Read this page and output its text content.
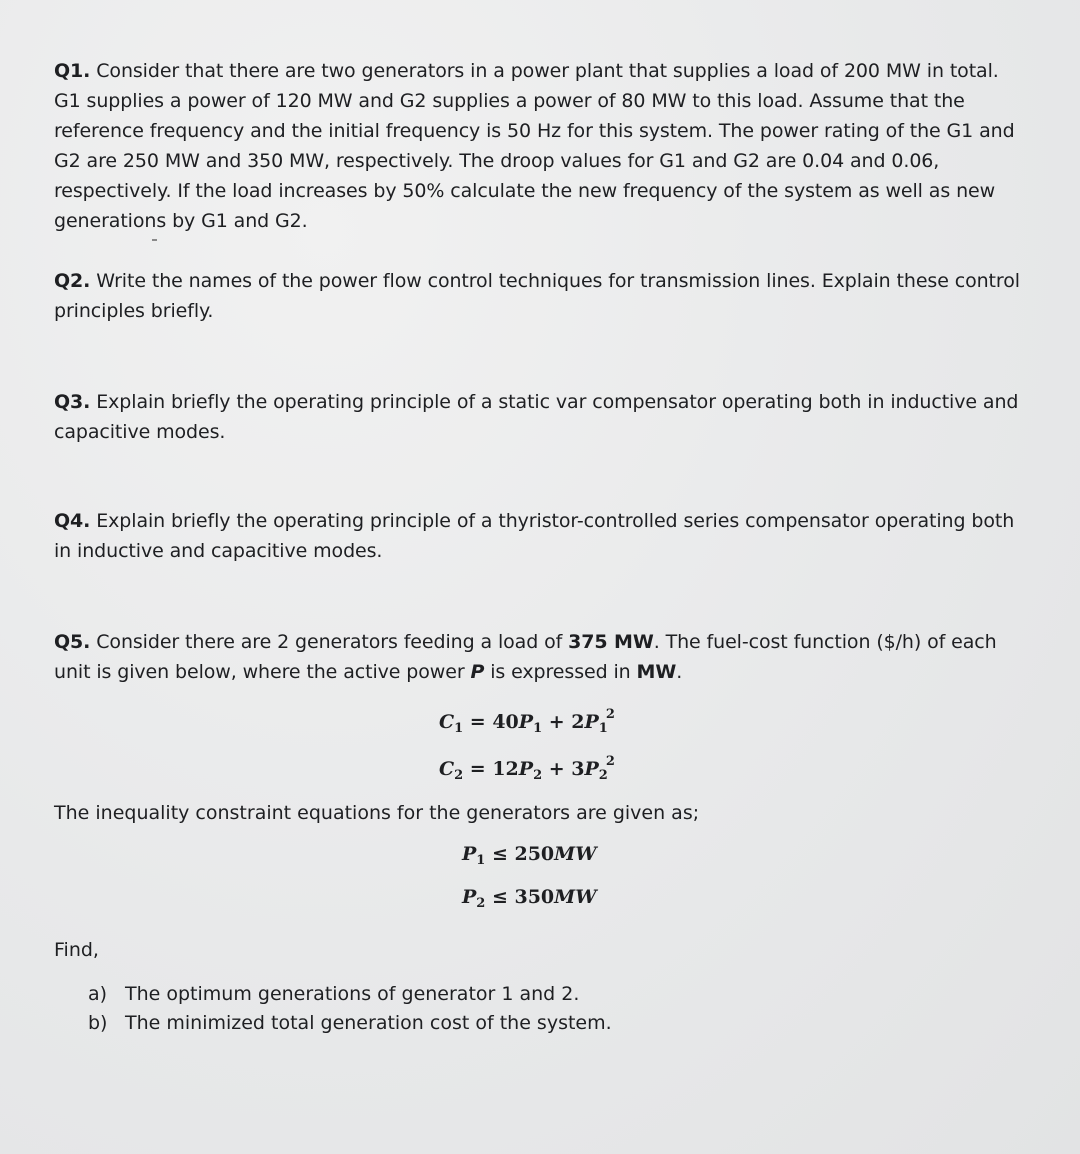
Q1. Consider that there are two generators in a power plant that supplies a load of 200 MW in total. G1 supplies a power of 120 MW and G2 supplies a power of 80 MW to this load. Assume that the reference frequency and the initial frequency is 50 Hz for this system. The power rating of the G1 and G2 are 250 MW and 350 MW, respectively. The droop values for G1 and G2 are 0.04 and 0.06, respectively. If the load increases by 50% calculate the new frequency of the system as well as new generations by G1 and G2.

Q2. Write the names of the power flow control techniques for transmission lines. Explain these control principles briefly.

Q3. Explain briefly the operating principle of a static var compensator operating both in inductive and capacitive modes.

Q4. Explain briefly the operating principle of a thyristor-controlled series compensator operating both in inductive and capacitive modes.

Q5. Consider there are 2 generators feeding a load of 375 MW. The fuel-cost function ($/h) of each unit is given below, where the active power P is expressed in MW.

$C_1 = 40P_1 + 2P_1^2$
$C_2 = 12P_2 + 3P_2^2$
The inequality constraint equations for the generators are given as;
$P_1 \le 250MW$
$P_2 \le 350MW$
Find,
a) The optimum generations of generator 1 and 2.
b) The minimized total generation cost of the system.
